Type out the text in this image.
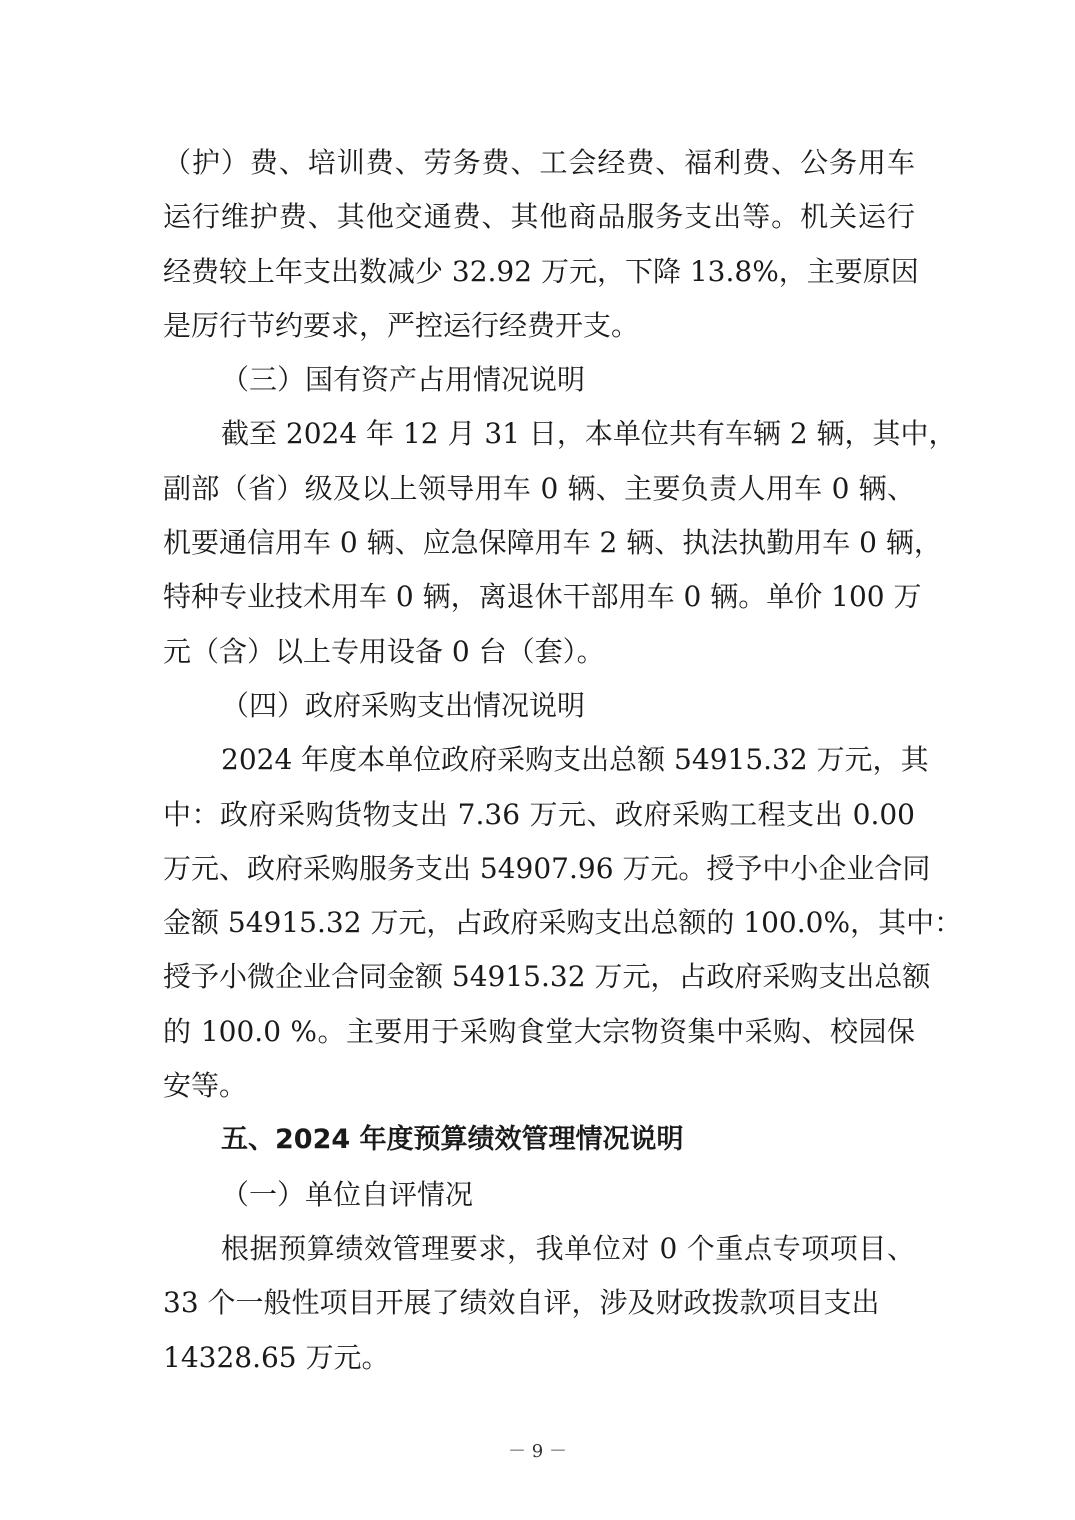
（护）费、培训费、劳务费、工会经费、福利费、公务用车
运行维护费、其他交通费、其他商品服务支出等。机关运行
经费较上年支出数减少 32.92 万元，下降 13.8%，主要原因
是厉行节约要求，严控运行经费开支。
（三）国有资产占用情况说明
截至 2024 年 12 月 31 日，本单位共有车辆 2 辆，其中，
副部（省）级及以上领导用车 0 辆、主要负责人用车 0 辆、
机要通信用车 0 辆、应急保障用车 2 辆、执法执勤用车 0 辆，
特种专业技术用车 0 辆，离退休干部用车 0 辆。单价 100 万
元（含）以上专用设备 0 台（套）。
（四）政府采购支出情况说明
2024 年度本单位政府采购支出总额 54915.32 万元，其
中：政府采购货物支出 7.36 万元、政府采购工程支出 0.00
万元、政府采购服务支出 54907.96 万元。授予中小企业合同
金额 54915.32 万元，占政府采购支出总额的 100.0%，其中：
授予小微企业合同金额 54915.32 万元，占政府采购支出总额
的 100.0 %。主要用于采购食堂大宗物资集中采购、校园保
安等。
五、2024 年度预算绩效管理情况说明
（一）单位自评情况
根据预算绩效管理要求，我单位对 0 个重点专项项目、
33 个一般性项目开展了绩效自评，涉及财政拨款项目支出
14328.65 万元。
－ 9 －
